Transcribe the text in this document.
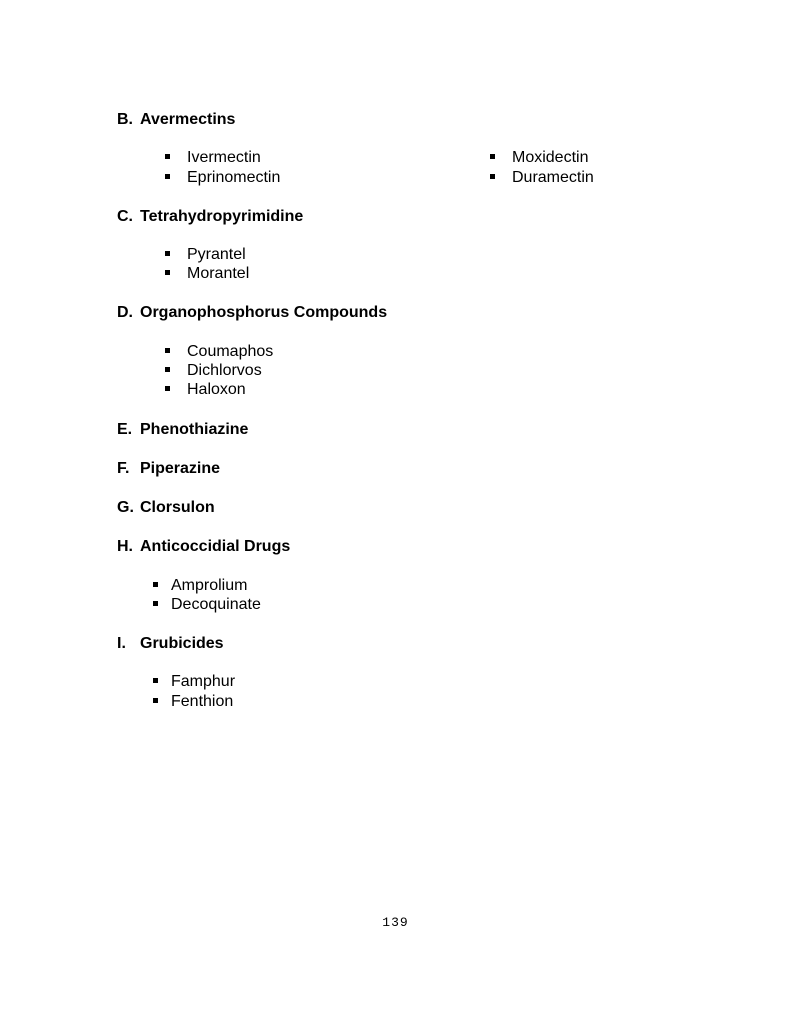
B. Avermectins
Ivermectin
Eprinomectin
Moxidectin
Duramectin
C. Tetrahydropyrimidine
Pyrantel
Morantel
D. Organophosphorus Compounds
Coumaphos
Dichlorvos
Haloxon
E. Phenothiazine
F. Piperazine
G. Clorsulon
H. Anticoccidial Drugs
Amprolium
Decoquinate
I. Grubicides
Famphur
Fenthion
139
